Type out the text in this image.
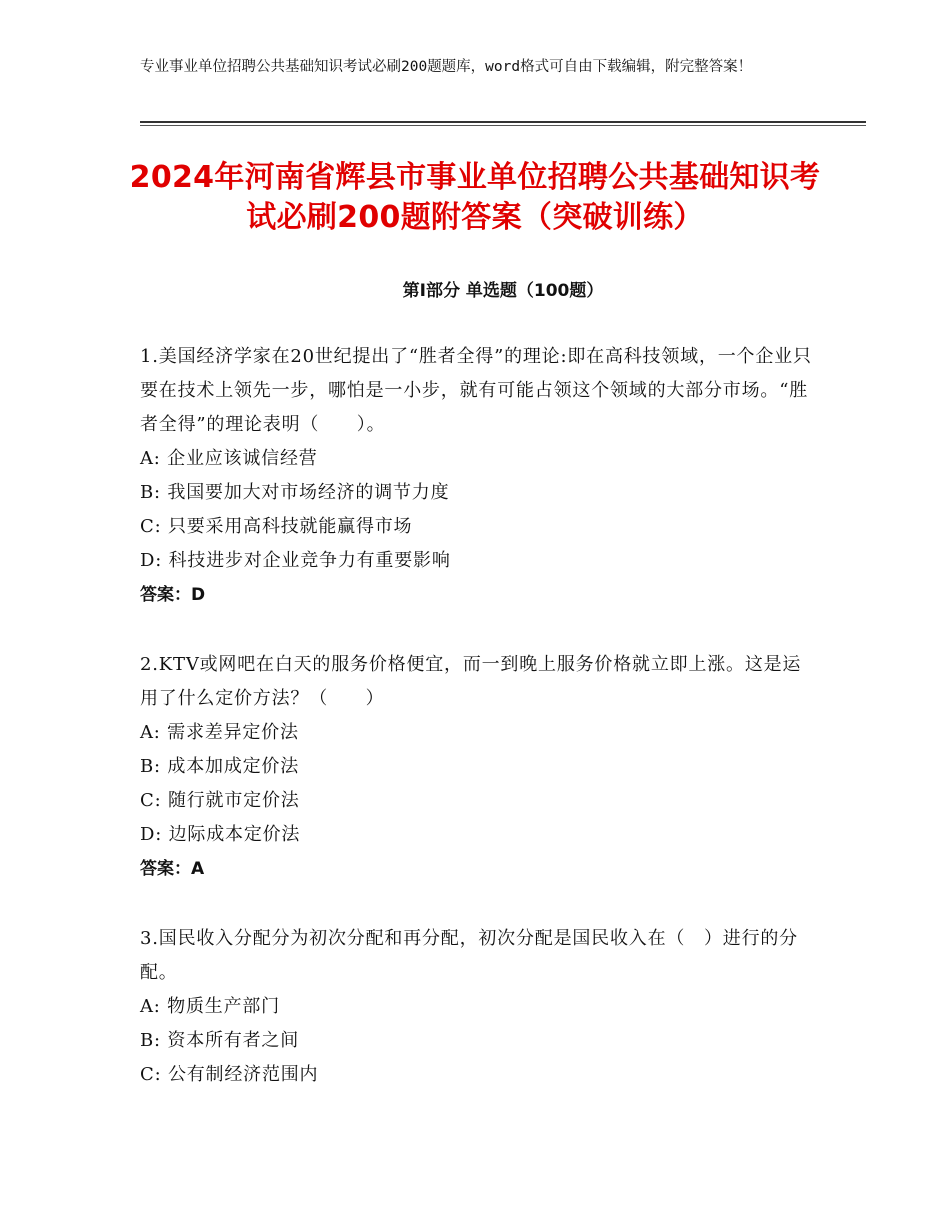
专业事业单位招聘公共基础知识考试必刷200题题库，word格式可自由下载编辑，附完整答案！
2024年河南省辉县市事业单位招聘公共基础知识考试必刷200题附答案（突破训练）
第Ⅰ部分 单选题（100题）
1.美国经济学家在20世纪提出了“胜者全得”的理论:即在高科技领域，一个企业只要在技术上领先一步，哪怕是一小步，就有可能占领这个领域的大部分市场。“胜者全得”的理论表明（　　）。
A: 企业应该诚信经营
B: 我国要加大对市场经济的调节力度
C: 只要采用高科技就能赢得市场
D: 科技进步对企业竞争力有重要影响
答案：D
2.KTV或网吧在白天的服务价格便宜，而一到晚上服务价格就立即上涨。这是运用了什么定价方法？（　　）
A: 需求差异定价法
B: 成本加成定价法
C: 随行就市定价法
D: 边际成本定价法
答案：A
3.国民收入分配分为初次分配和再分配，初次分配是国民收入在（　）进行的分配。
A: 物质生产部门
B: 资本所有者之间
C: 公有制经济范围内
